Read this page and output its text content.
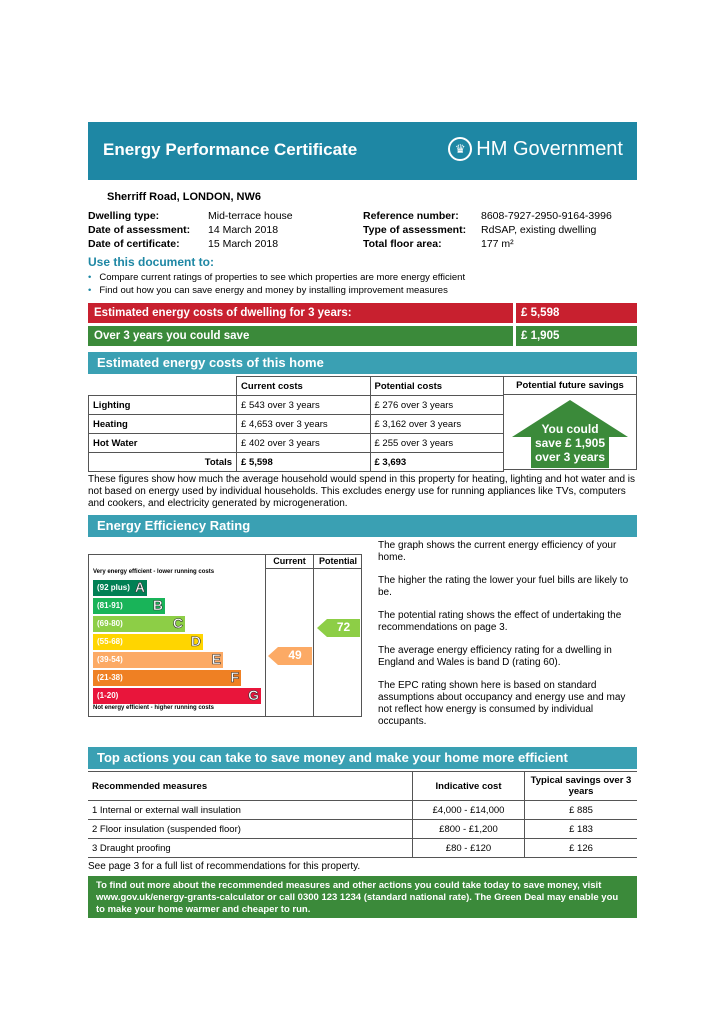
Energy Performance Certificate	♛ HM Government
Sherriff Road, LONDON, NW6
Dwelling type:	Mid-terrace house
Date of assessment: 14 March 2018
Date of certificate:	15 March 2018
Reference number: 8608-7927-2950-9164-3996
Type of assessment: RdSAP, existing dwelling
Total floor area:	177 m²
Use this document to:
• Compare current ratings of properties to see which properties are more energy efficient
• Find out how you can save energy and money by installing improvement measures
Estimated energy costs of dwelling for 3 years:	£ 5,598
Over 3 years you could save	£ 1,905
Estimated energy costs of this home
	Current costs	Potential costs
Lighting	£ 543 over 3 years	£ 276 over 3 years
Heating	£ 4,653 over 3 years	£ 3,162 over 3 years
Hot Water	£ 402 over 3 years	£ 255 over 3 years
Totals	£ 5,598	£ 3,693
Potential future savings
You could
save £ 1,905
over 3 years
These figures show how much the average household would spend in this property for heating, lighting and hot water and is not based on energy used by individual households. This excludes energy use for running appliances like TVs, computers and cookers, and electricity generated by microgeneration.
Energy Efficiency Rating
Current	Potential
Very energy efficient - lower running costs
Not energy efficient - higher running costs
(92 plus) A
(81-91) B
(69-80)	C
(55-68)	D
(39-54)	E
(21-38)	F
(1-20)	G
49
72
The graph shows the current energy efficiency of your home.
The higher the rating the lower your fuel bills are likely to be.
The potential rating shows the effect of undertaking the recommendations on page 3.
The average energy efficiency rating for a dwelling in England and Wales is band D (rating 60).
The EPC rating shown here is based on standard assumptions about occupancy and energy use and may not reflect how energy is consumed by individual occupants.
Top actions you can take to save money and make your home more efficient
Recommended measures	Indicative cost	Typical savings over 3 years
1 Internal or external wall insulation	£4,000 - £14,000	£ 885
2 Floor insulation (suspended floor)	£800 - £1,200	£ 183
3 Draught proofing	£80 - £120	£ 126
See page 3 for a full list of recommendations for this property.
To find out more about the recommended measures and other actions you could take today to save money, visit www.gov.uk/energy-grants-calculator or call 0300 123 1234 (standard national rate). The Green Deal may enable you to make your home warmer and cheaper to run.
